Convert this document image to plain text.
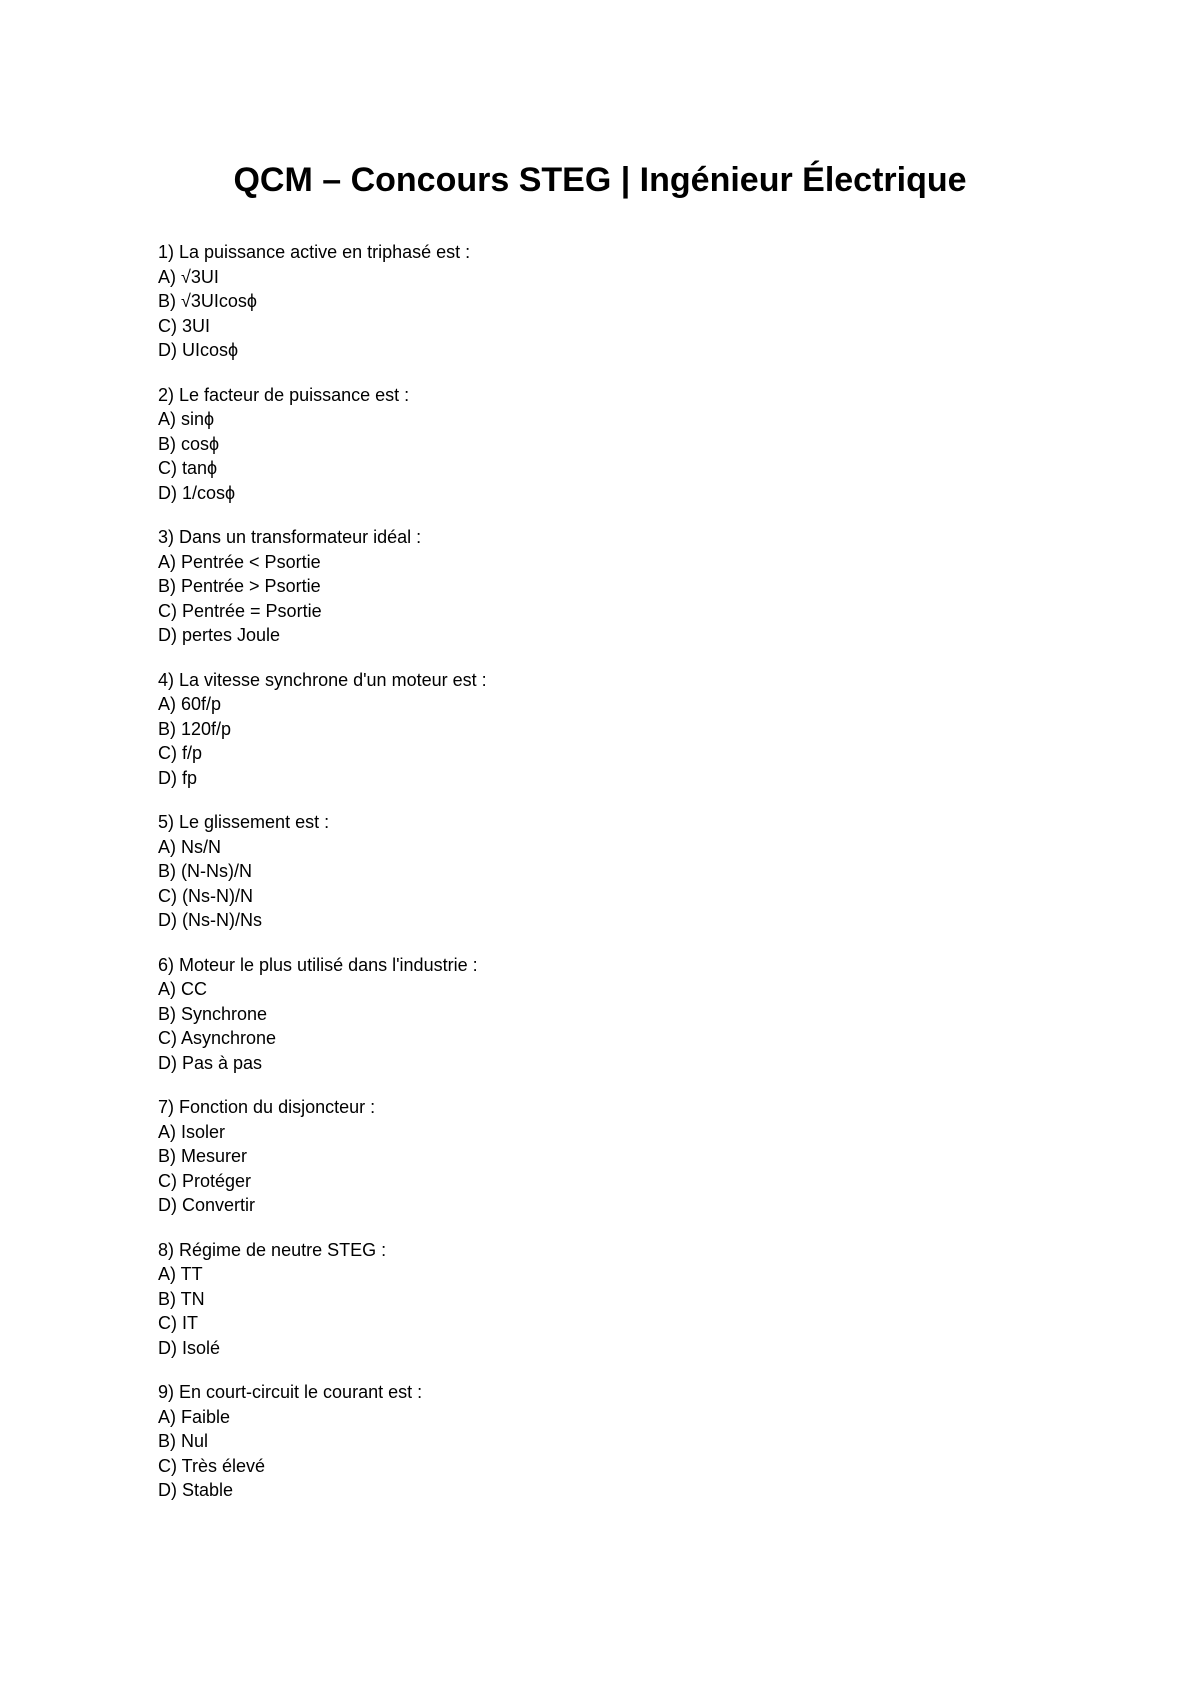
QCM – Concours STEG | Ingénieur Électrique
1) La puissance active en triphasé est :
A) √3UI
B) √3UIcosϕ
C) 3UI
D) UIcosϕ
2) Le facteur de puissance est :
A) sinϕ
B) cosϕ
C) tanϕ
D) 1/cosϕ
3) Dans un transformateur idéal :
A) Pentrée < Psortie
B) Pentrée > Psortie
C) Pentrée = Psortie
D) pertes Joule
4) La vitesse synchrone d'un moteur est :
A) 60f/p
B) 120f/p
C) f/p
D) fp
5) Le glissement est :
A) Ns/N
B) (N-Ns)/N
C) (Ns-N)/N
D) (Ns-N)/Ns
6) Moteur le plus utilisé dans l'industrie :
A) CC
B) Synchrone
C) Asynchrone
D) Pas à pas
7) Fonction du disjoncteur :
A) Isoler
B) Mesurer
C) Protéger
D) Convertir
8) Régime de neutre STEG :
A) TT
B) TN
C) IT
D) Isolé
9) En court-circuit le courant est :
A) Faible
B) Nul
C) Très élevé
D) Stable
